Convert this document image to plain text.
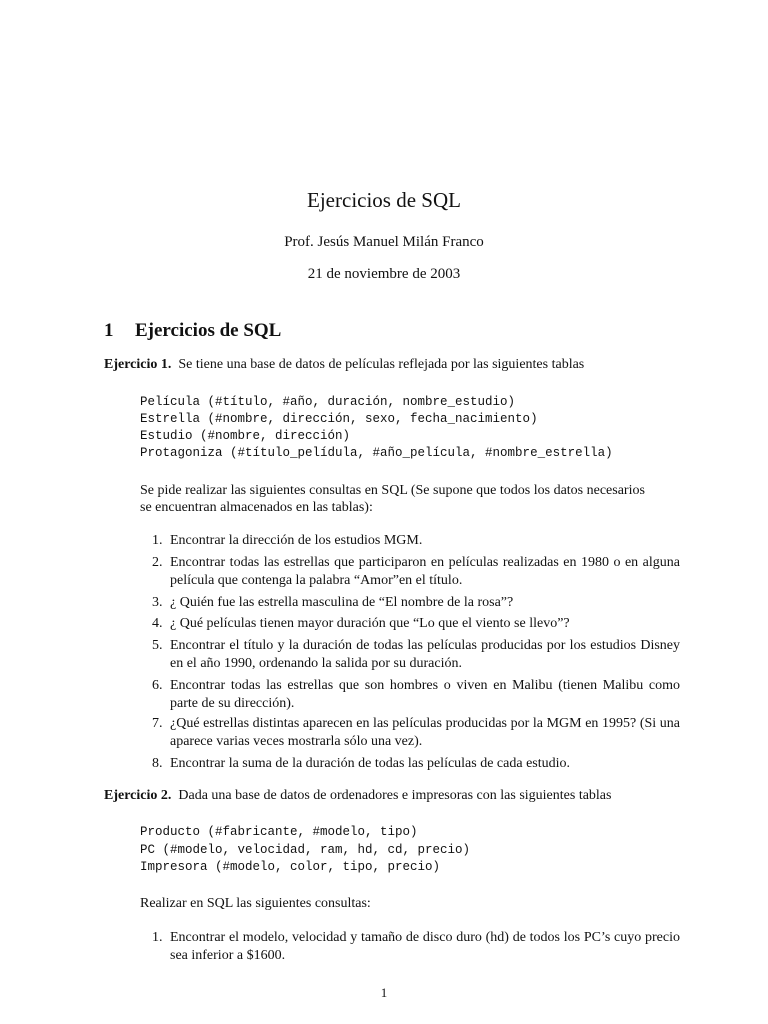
Ejercicios de SQL
Prof. Jesús Manuel Milán Franco
21 de noviembre de 2003
1 Ejercicios de SQL
Ejercicio 1. Se tiene una base de datos de películas reflejada por las siguientes tablas
Película (#título, #año, duración, nombre_estudio)
Estrella (#nombre, dirección, sexo, fecha_nacimiento)
Estudio (#nombre, dirección)
Protagoniza (#título_pelídula, #año_película, #nombre_estrella)
Se pide realizar las siguientes consultas en SQL (Se supone que todos los datos necesarios
se encuentran almacenados en las tablas):
1. Encontrar la dirección de los estudios MGM.
2. Encontrar todas las estrellas que participaron en películas realizadas en 1980 o en alguna película que contenga la palabra “Amor”en el título.
3. ¿ Quién fue las estrella masculina de “El nombre de la rosa”?
4. ¿ Qué películas tienen mayor duración que “Lo que el viento se llevo”?
5. Encontrar el título y la duración de todas las películas producidas por los estudios Disney en el año 1990, ordenando la salida por su duración.
6. Encontrar todas las estrellas que son hombres o viven en Malibu (tienen Malibu como parte de su dirección).
7. ¿Qué estrellas distintas aparecen en las películas producidas por la MGM en 1995? (Si una aparece varias veces mostrarla sólo una vez).
8. Encontrar la suma de la duración de todas las películas de cada estudio.
Ejercicio 2. Dada una base de datos de ordenadores e impresoras con las siguientes tablas
Producto (#fabricante, #modelo, tipo)
PC (#modelo, velocidad, ram, hd, cd, precio)
Impresora (#modelo, color, tipo, precio)
Realizar en SQL las siguientes consultas:
1. Encontrar el modelo, velocidad y tamaño de disco duro (hd) de todos los PC’s cuyo precio sea inferior a $1600.
1
